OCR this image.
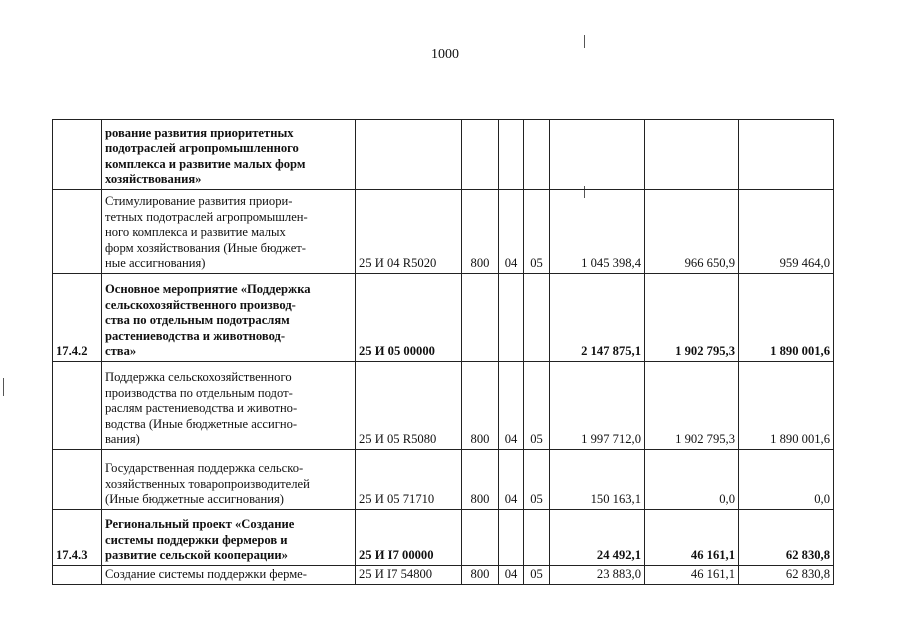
1000

	рование развития приоритетных
подотраслей агропромышленного
комплекса и развитие малых форм
хозяйствования»							

	Стимулирование развития приори-
тетных подотраслей агропромышлен-
ного комплекса и развитие малых
форм хозяйствования (Иные бюджет-
ные ассигнования)	25 И 04 R5020	800	04	05	1 045 398,4	966 650,9	959 464,0
17.4.2	Основное мероприятие «Поддержка
сельскохозяйственного производ-
ства по отдельным подотраслям
растениеводства и животновод-
ства»	25 И 05 00000				2 147 875,1	1 902 795,3	1 890 001,6

	Поддержка сельскохозяйственного
производства по отдельным подот-
раслям растениеводства и животно-
водства (Иные бюджетные ассигно-
вания)	25 И 05 R5080	800	04	05	1 997 712,0	1 902 795,3	1 890 001,6

	Государственная поддержка сельско-
хозяйственных товаропроизводителей
(Иные бюджетные ассигнования)	25 И 05 71710	800	04	05	150 163,1	0,0	0,0
17.4.3	Региональный проект «Создание
системы поддержки фермеров и
развитие сельской кооперации»	25 И I7 00000				24 492,1	46 161,1	62 830,8

	Создание системы поддержки ферме-	25 И I7 54800	800	04	05	23 883,0	46 161,1	62 830,8
